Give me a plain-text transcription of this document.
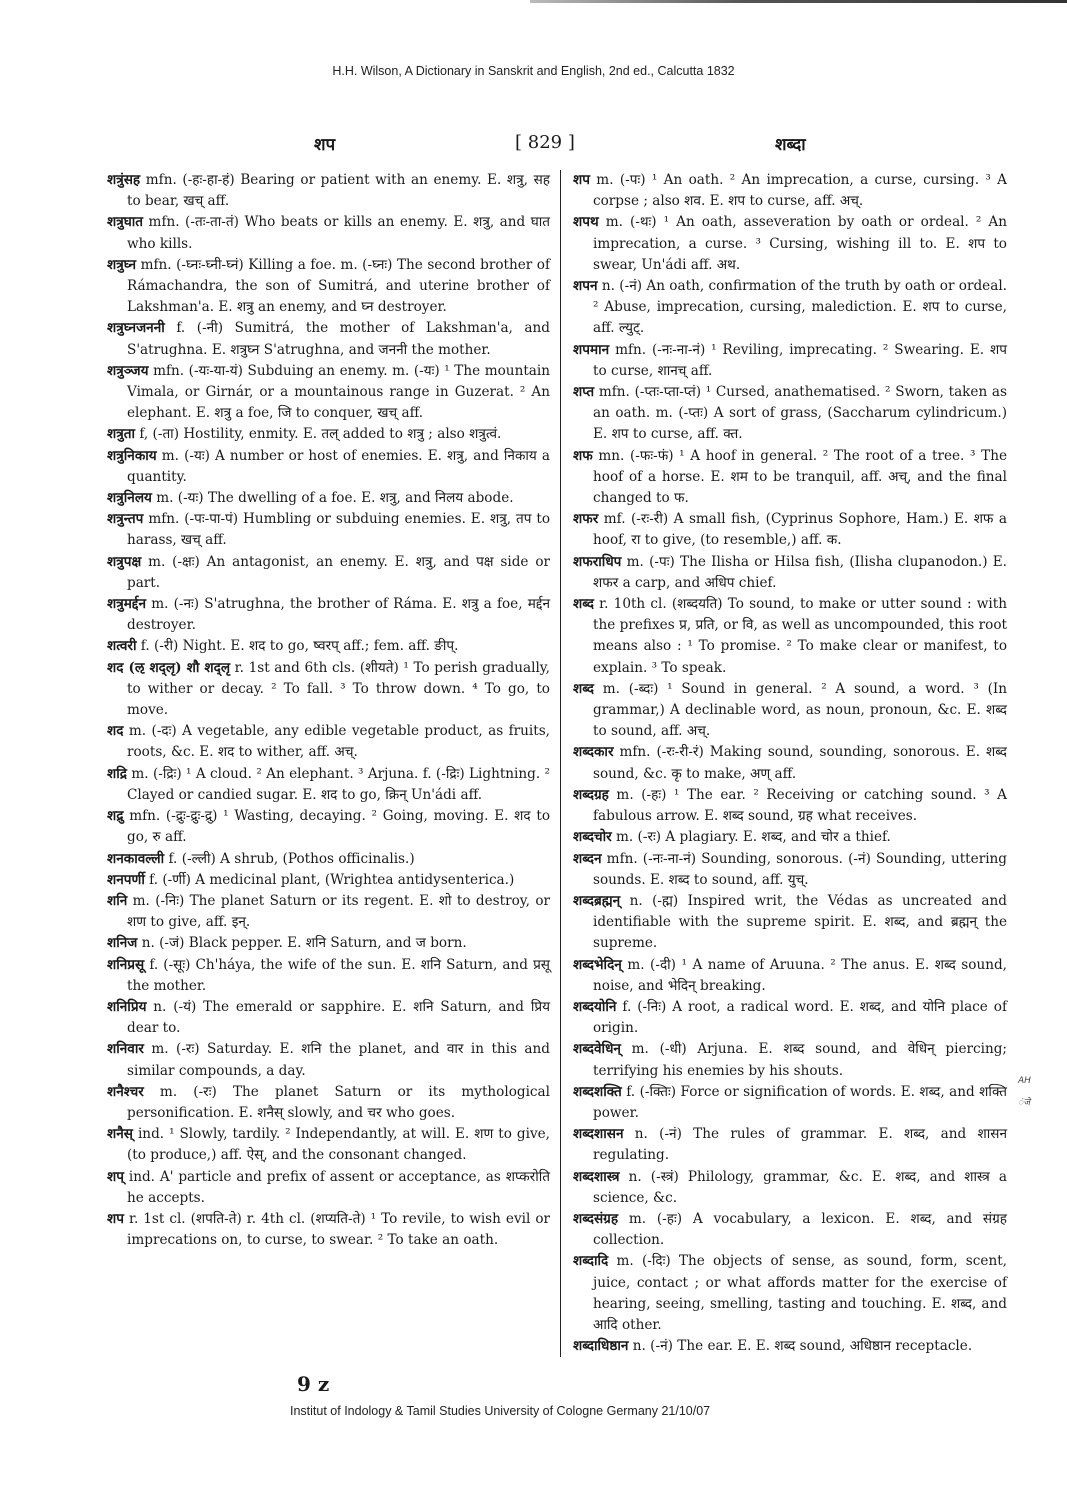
H.H. Wilson, A Dictionary in Sanskrit and English, 2nd ed., Calcutta 1832
शप	[ 829 ]	शब्दा

शत्रुंसह mfn. (-हः-हा-हं) Bearing or patient with an enemy. E. शत्रु, सह to bear, खच् aff.

शत्रुघात mfn. (-तः-ता-तं) Who beats or kills an enemy. E. शत्रु, and घात who kills.

शत्रुघ्न mfn. (-घ्नः-घ्नी-घ्नं) Killing a foe. m. (-घ्नः) The second brother of Rámachandra, the son of Sumitrá, and uterine brother of Lakshman'a. E. शत्रु an enemy, and घ्न destroyer.

शत्रुघ्नजननी f. (-नी) Sumitrá, the mother of Lakshman'a, and S'atrughna. E. शत्रुघ्न S'atrughna, and जननी the mother.

शत्रुञ्जय mfn. (-यः-या-यं) Subduing an enemy. m. (-यः) ¹ The mountain Vimala, or Girnár, or a mountainous range in Guzerat. ² An elephant. E. शत्रु a foe, जि to conquer, खच् aff.

शत्रुता f, (-ता) Hostility, enmity. E. तल् added to शत्रु ; also शत्रुत्वं.

शत्रुनिकाय m. (-यः) A number or host of enemies. E. शत्रु, and निकाय a quantity.

शत्रुनिलय m. (-यः) The dwelling of a foe. E. शत्रु, and निलय abode.

शत्रुन्तप mfn. (-पः-पा-पं) Humbling or subduing enemies. E. शत्रु, तप to harass, खच् aff.

शत्रुपक्ष m. (-क्षः) An antagonist, an enemy. E. शत्रु, and पक्ष side or part.

शत्रुमर्द्दन m. (-नः) S'atrughna, the brother of Ráma. E. शत्रु a foe, मर्द्दन destroyer.

शत्वरी f. (-री) Night. E. शद to go, ष्वरप् aff.; fem. aff. ङीप्.

शद (ऌ शद्लृ) शौ शद्लृ r. 1st and 6th cls. (शीयते) ¹ To perish gradually, to wither or decay. ² To fall. ³ To throw down. ⁴ To go, to move.

शद m. (-दः) A vegetable, any edible vegetable product, as fruits, roots, &c. E. शद to wither, aff. अच्.

शद्रि m. (-द्रिः) ¹ A cloud. ² An elephant. ³ Arjuna. f. (-द्रिः) Lightning. ² Clayed or candied sugar. E. शद to go, क्रिन् Un'ádi aff.

शद्रु mfn. (-द्रुः-द्रुः-द्रु) ¹ Wasting, decaying. ² Going, moving. E. शद to go, रु aff.

शनकावल्ली f. (-ल्ली) A shrub, (Pothos officinalis.)

शनपर्णी f. (-र्णी) A medicinal plant, (Wrightea antidysenterica.)

शनि m. (-निः) The planet Saturn or its regent. E. शो to destroy, or शण to give, aff. इन्.

शनिज n. (-जं) Black pepper. E. शनि Saturn, and ज born.

शनिप्रसू f. (-सूः) Ch'háya, the wife of the sun. E. शनि Saturn, and प्रसू the mother.

शनिप्रिय n. (-यं) The emerald or sapphire. E. शनि Saturn, and प्रिय dear to.

शनिवार m. (-रः) Saturday. E. शनि the planet, and वार in this and similar compounds, a day.

शनैश्चर m. (-रः) The planet Saturn or its mythological personification. E. शनैस् slowly, and चर who goes.

शनैस् ind. ¹ Slowly, tardily. ² Independantly, at will. E. शण to give, (to produce,) aff. ऐस्, and the consonant changed.

शप् ind. A' particle and prefix of assent or acceptance, as शप्करोति he accepts.

शप r. 1st cl. (शपति-ते) r. 4th cl. (शप्यति-ते) ¹ To revile, to wish evil or imprecations on, to curse, to swear. ² To take an oath.

शप m. (-पः) ¹ An oath. ² An imprecation, a curse, cursing. ³ A corpse ; also शव. E. शप to curse, aff. अच्.

शपथ m. (-थः) ¹ An oath, asseveration by oath or ordeal. ² An imprecation, a curse. ³ Cursing, wishing ill to. E. शप to swear, Un'ádi aff. अथ.

शपन n. (-नं) An oath, confirmation of the truth by oath or ordeal. ² Abuse, imprecation, cursing, malediction. E. शप to curse, aff. ल्युट्.

शपमान mfn. (-नः-ना-नं) ¹ Reviling, imprecating. ² Swearing. E. शप to curse, शानच् aff.

शप्त mfn. (-प्तः-प्ता-प्तं) ¹ Cursed, anathematised. ² Sworn, taken as an oath. m. (-प्तः) A sort of grass, (Saccharum cylindricum.) E. शप to curse, aff. क्त.

शफ mn. (-फः-फं) ¹ A hoof in general. ² The root of a tree. ³ The hoof of a horse. E. शम to be tranquil, aff. अच्, and the final changed to फ.

शफर mf. (-रः-री) A small fish, (Cyprinus Sophore, Ham.) E. शफ a hoof, रा to give, (to resemble,) aff. क.

शफराधिप m. (-पः) The Ilisha or Hilsa fish, (Ilisha clupanodon.) E. शफर a carp, and अधिप chief.

शब्द r. 10th cl. (शब्दयति) To sound, to make or utter sound : with the prefixes प्र, प्रति, or वि, as well as uncompounded, this root means also : ¹ To promise. ² To make clear or manifest, to explain. ³ To speak.

शब्द m. (-ब्दः) ¹ Sound in general. ² A sound, a word. ³ (In grammar,) A declinable word, as noun, pronoun, &c. E. शब्द to sound, aff. अच्.

शब्दकार mfn. (-रः-री-रं) Making sound, sounding, sonorous. E. शब्द sound, &c. कृ to make, अण् aff.

शब्दग्रह m. (-हः) ¹ The ear. ² Receiving or catching sound. ³ A fabulous arrow. E. शब्द sound, ग्रह what receives.

शब्दचोर m. (-रः) A plagiary. E. शब्द, and चोर a thief.

शब्दन mfn. (-नः-ना-नं) Sounding, sonorous. (-नं) Sounding, uttering sounds. E. शब्द to sound, aff. युच्.

शब्दब्रह्मन् n. (-ह्म) Inspired writ, the Védas as uncreated and identifiable with the supreme spirit. E. शब्द, and ब्रह्मन् the supreme.

शब्दभेदिन् m. (-दी) ¹ A name of Aruuna. ² The anus. E. शब्द sound, noise, and भेदिन् breaking.

शब्दयोनि f. (-निः) A root, a radical word. E. शब्द, and योनि place of origin.

शब्दवेधिन् m. (-धी) Arjuna. E. शब्द sound, and वेधिन् piercing; terrifying his enemies by his shouts.

शब्दशक्ति f. (-क्तिः) Force or signification of words. E. शब्द, and शक्ति power.

शब्दशासन n. (-नं) The rules of grammar. E. शब्द, and शासन regulating.

शब्दशास्त्र n. (-स्त्रं) Philology, grammar, &c. E. शब्द, and शास्त्र a science, &c.

शब्दसंग्रह m. (-हः) A vocabulary, a lexicon. E. शब्द, and संग्रह collection.

शब्दादि m. (-दिः) The objects of sense, as sound, form, scent, juice, contact ; or what affords matter for the exercise of hearing, seeing, smelling, tasting and touching. E. शब्द, and आदि other.

शब्दाधिष्ठान n. (-नं) The ear. E. E. शब्द sound, अधिष्ठान receptacle.

9 z
Institut of Indology & Tamil Studies University of Cologne Germany 21/10/07
AH
ंजे
